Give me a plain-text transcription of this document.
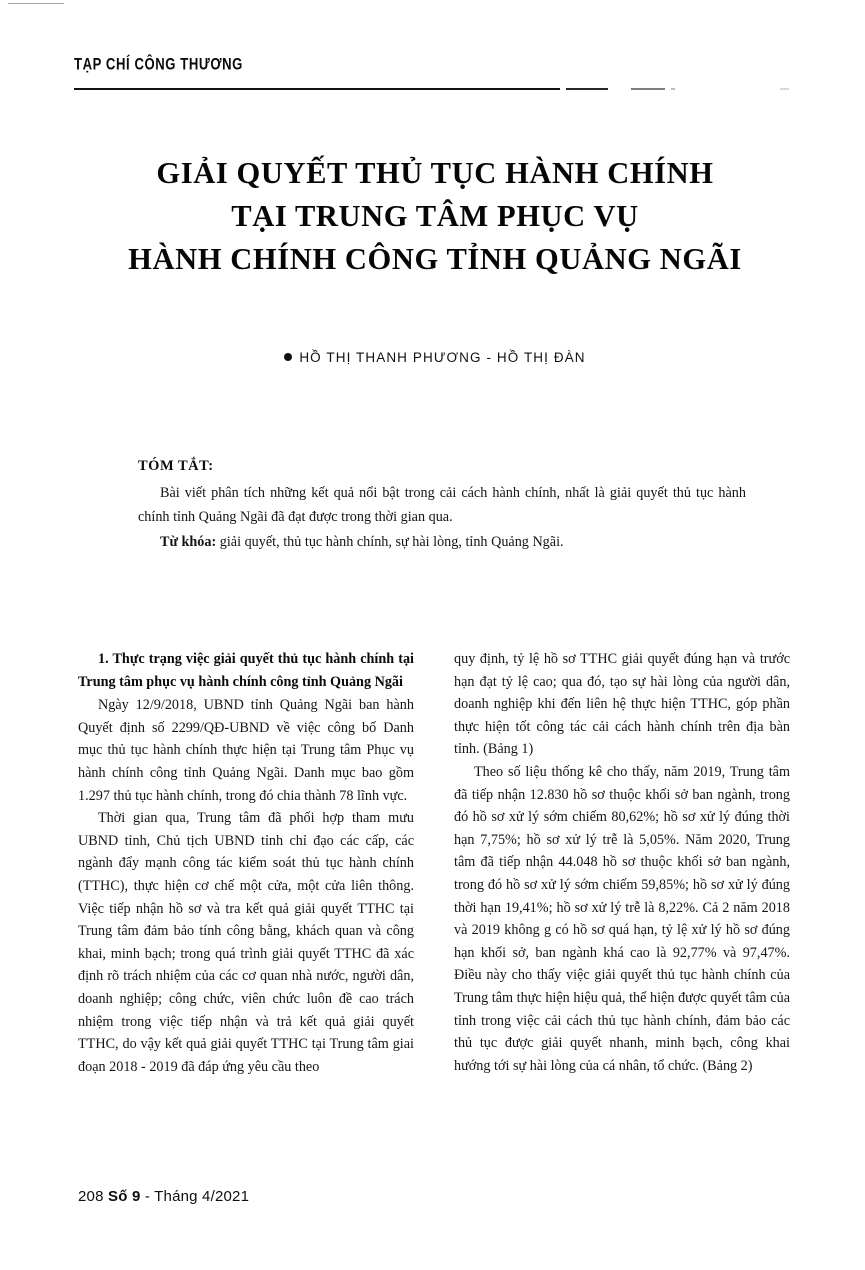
TẠP CHÍ CÔNG THƯƠNG
GIẢI QUYẾT THỦ TỤC HÀNH CHÍNH
TẠI TRUNG TÂM PHỤC VỤ
HÀNH CHÍNH CÔNG TỈNH QUẢNG NGÃI
HỒ THỊ THANH PHƯƠNG - HỒ THỊ ĐÀN
TÓM TẮT:
Bài viết phân tích những kết quả nổi bật trong cải cách hành chính, nhất là giải quyết thủ tục hành chính tỉnh Quảng Ngãi đã đạt được trong thời gian qua.
Từ khóa: giải quyết, thủ tục hành chính, sự hài lòng, tỉnh Quảng Ngãi.
1. Thực trạng việc giải quyết thủ tục hành chính tại Trung tâm phục vụ hành chính công tỉnh Quảng Ngãi

Ngày 12/9/2018, UBND tỉnh Quảng Ngãi ban hành Quyết định số 2299/QĐ-UBND về việc công bố Danh mục thủ tục hành chính thực hiện tại Trung tâm Phục vụ hành chính công tỉnh Quảng Ngãi. Danh mục bao gồm 1.297 thủ tục hành chính, trong đó chia thành 78 lĩnh vực.

Thời gian qua, Trung tâm đã phối hợp tham mưu UBND tỉnh, Chủ tịch UBND tỉnh chỉ đạo các cấp, các ngành đẩy mạnh công tác kiểm soát thủ tục hành chính (TTHC), thực hiện cơ chế một cửa, một cửa liên thông. Việc tiếp nhận hồ sơ và tra kết quả giải quyết TTHC tại Trung tâm đảm bảo tính công bằng, khách quan và công khai, minh bạch; trong quá trình giải quyết TTHC đã xác định rõ trách nhiệm của các cơ quan nhà nước, người dân, doanh nghiệp; công chức, viên chức luôn đề cao trách nhiệm trong việc tiếp nhận và trả kết quả giải quyết TTHC, do vậy kết quả giải quyết TTHC tại Trung tâm giai đoạn 2018 - 2019 đã đáp ứng yêu cầu theo

quy định, tỷ lệ hồ sơ TTHC giải quyết đúng hạn và trước hạn đạt tỷ lệ cao; qua đó, tạo sự hài lòng của người dân, doanh nghiệp khi đến liên hệ thực hiện TTHC, góp phần thực hiện tốt công tác cải cách hành chính trên địa bàn tỉnh. (Bảng 1)

Theo số liệu thống kê cho thấy, năm 2019, Trung tâm đã tiếp nhận 12.830 hồ sơ thuộc khối sở ban ngành, trong đó hồ sơ xử lý sớm chiếm 80,62%; hồ sơ xử lý đúng thời hạn 7,75%; hồ sơ xử lý trễ là 5,05%. Năm 2020, Trung tâm đã tiếp nhận 44.048 hồ sơ thuộc khối sở ban ngành, trong đó hồ sơ xử lý sớm chiếm 59,85%; hồ sơ xử lý đúng thời hạn 19,41%; hồ sơ xử lý trễ là 8,22%. Cả 2 năm 2018 và 2019 không g có hồ sơ quá hạn, tỷ lệ xử lý hồ sơ đúng hạn khối sở, ban ngành khá cao là 92,77% và 97,47%. Điều này cho thấy việc giải quyết thủ tục hành chính của Trung tâm thực hiện hiệu quả, thể hiện được quyết tâm của tỉnh trong việc cải cách thủ tục hành chính, đảm bảo các thủ tục được giải quyết nhanh, minh bạch, công khai hướng tới sự hài lòng của cá nhân, tổ chức. (Bảng 2)

208 Số 9 - Tháng 4/2021
